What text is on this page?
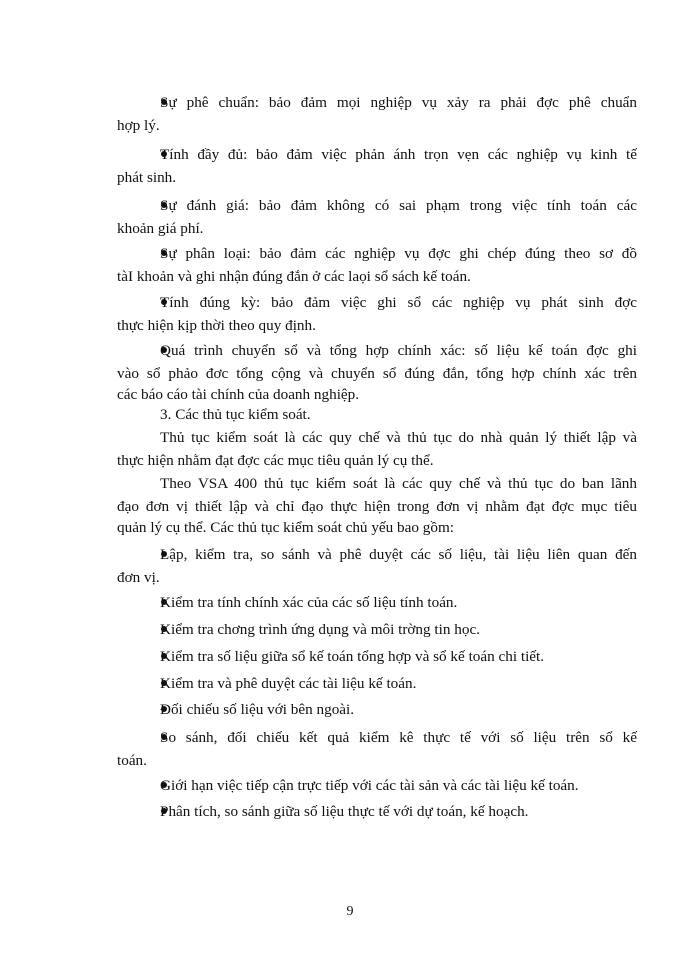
Sự phê chuẩn: bảo đảm mọi nghiệp vụ xảy ra phải đợc phê chuẩn
hợp lý.
Tính đầy đủ: bảo đảm việc phản ánh trọn vẹn các nghiệp vụ kinh tế
phát sinh.
Sự đánh giá: bảo đảm không có sai phạm trong việc tính toán các
khoản giá phí.
Sự phân loại: bảo đảm các nghiệp vụ đợc ghi chép đúng theo sơ đồ
tàI khoản và ghi nhận đúng đắn ở các laọi sổ sách kế toán.
Tính đúng kỳ: bảo đảm việc ghi sổ các nghiệp vụ phát sinh đợc
thực hiện kịp thời theo quy định.
Quá trình chuyển sổ và tổng hợp chính xác: số liệu kế toán đợc ghi
vào sổ phảo đơc tổng cộng và chuyển sổ đúng đắn, tổng hợp chính xác trên
các báo cáo tài chính của doanh nghiệp.
3. Các thủ tục kiểm soát.
Thủ tục kiểm soát là các quy chế và thủ tục do nhà quản lý thiết lập và
thực hiện nhằm đạt đợc các mục tiêu quản lý cụ thể.
Theo VSA 400 thủ tục kiểm soát là các quy chế và thủ tục do ban lãnh
đạo đơn vị thiết lập và chỉ đạo thực hiện trong đơn vị nhằm đạt đợc mục tiêu
quản lý cụ thể. Các thủ tục kiểm soát chủ yếu bao gồm:
Lập, kiểm tra, so sánh và phê duyệt các số liệu, tài liệu liên quan đến
đơn vị.
Kiểm tra tính chính xác của các số liệu tính toán.
Kiểm tra chơng trình ứng dụng và môi trờng tin học.
Kiểm tra số liệu giữa sổ kế toán tổng hợp và sổ kế toán chi tiết.
Kiểm tra và phê duyệt các tài liệu kế toán.
Đối chiếu số liệu với bên ngoài.
So sánh, đối chiếu kết quả kiểm kê thực tế với số liệu trên sổ kế
toán.
Giới hạn việc tiếp cận trực tiếp với các tài sản và các tài liệu kế toán.
Phân tích, so sánh giữa số liệu thực tế với dự toán, kế hoạch.
9
